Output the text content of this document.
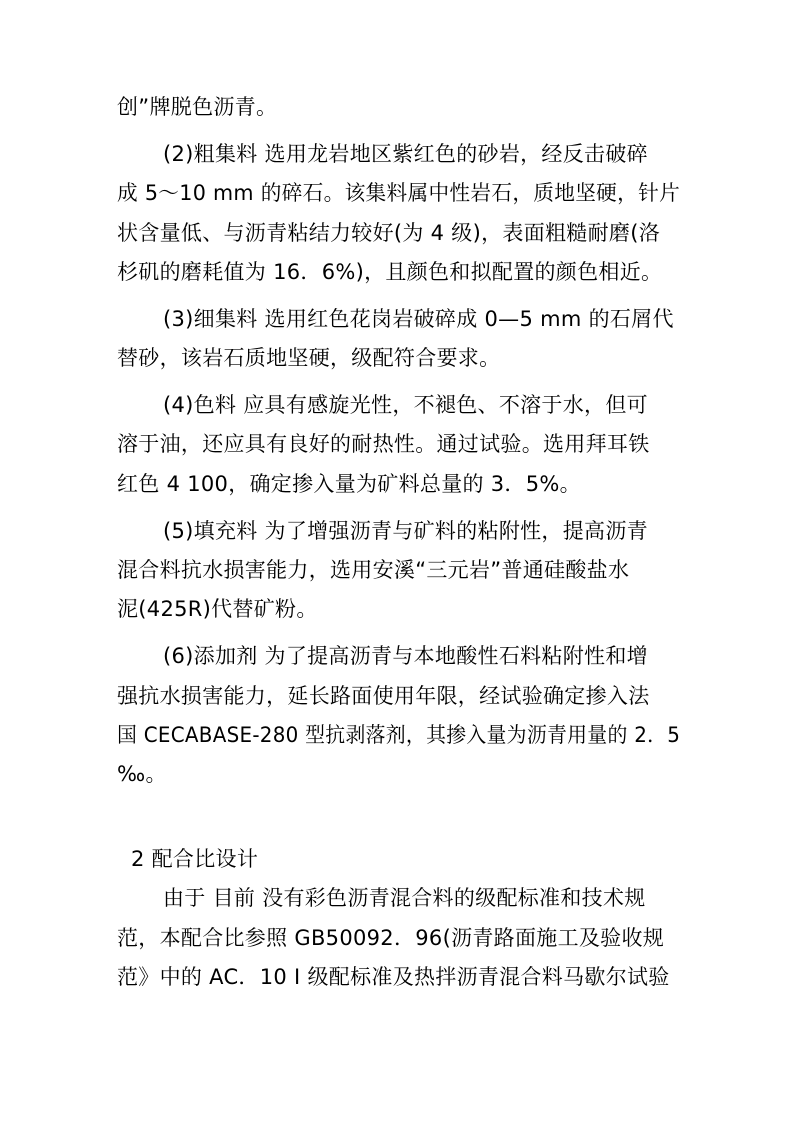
创”牌脱色沥青。
(2)粗集料 选用龙岩地区紫红色的砂岩，经反击破碎
成 5～10 mm 的碎石。该集料属中性岩石，质地坚硬，针片
状含量低、与沥青粘结力较好(为 4 级)，表面粗糙耐磨(洛
杉矶的磨耗值为 16．6%)，且颜色和拟配置的颜色相近。
(3)细集料 选用红色花岗岩破碎成 0—5 mm 的石屑代
替砂，该岩石质地坚硬，级配符合要求。
(4)色料 应具有感旋光性，不褪色、不溶于水，但可
溶于油，还应具有良好的耐热性。通过试验。选用拜耳铁
红色 4 100，确定掺入量为矿料总量的 3．5%。
(5)填充料 为了增强沥青与矿料的粘附性，提高沥青
混合料抗水损害能力，选用安溪“三元岩”普通硅酸盐水
泥(425R)代替矿粉。
(6)添加剂 为了提高沥青与本地酸性石料粘附性和增
强抗水损害能力，延长路面使用年限，经试验确定掺入法
国 CECABASE-280 型抗剥落剂，其掺入量为沥青用量的 2．5
‰。
2 配合比设计
由于 目前 没有彩色沥青混合料的级配标准和技术规
范，本配合比参照 GB50092．96(沥青路面施工及验收规
范》中的 AC．10 I 级配标准及热拌沥青混合料马歇尔试验
